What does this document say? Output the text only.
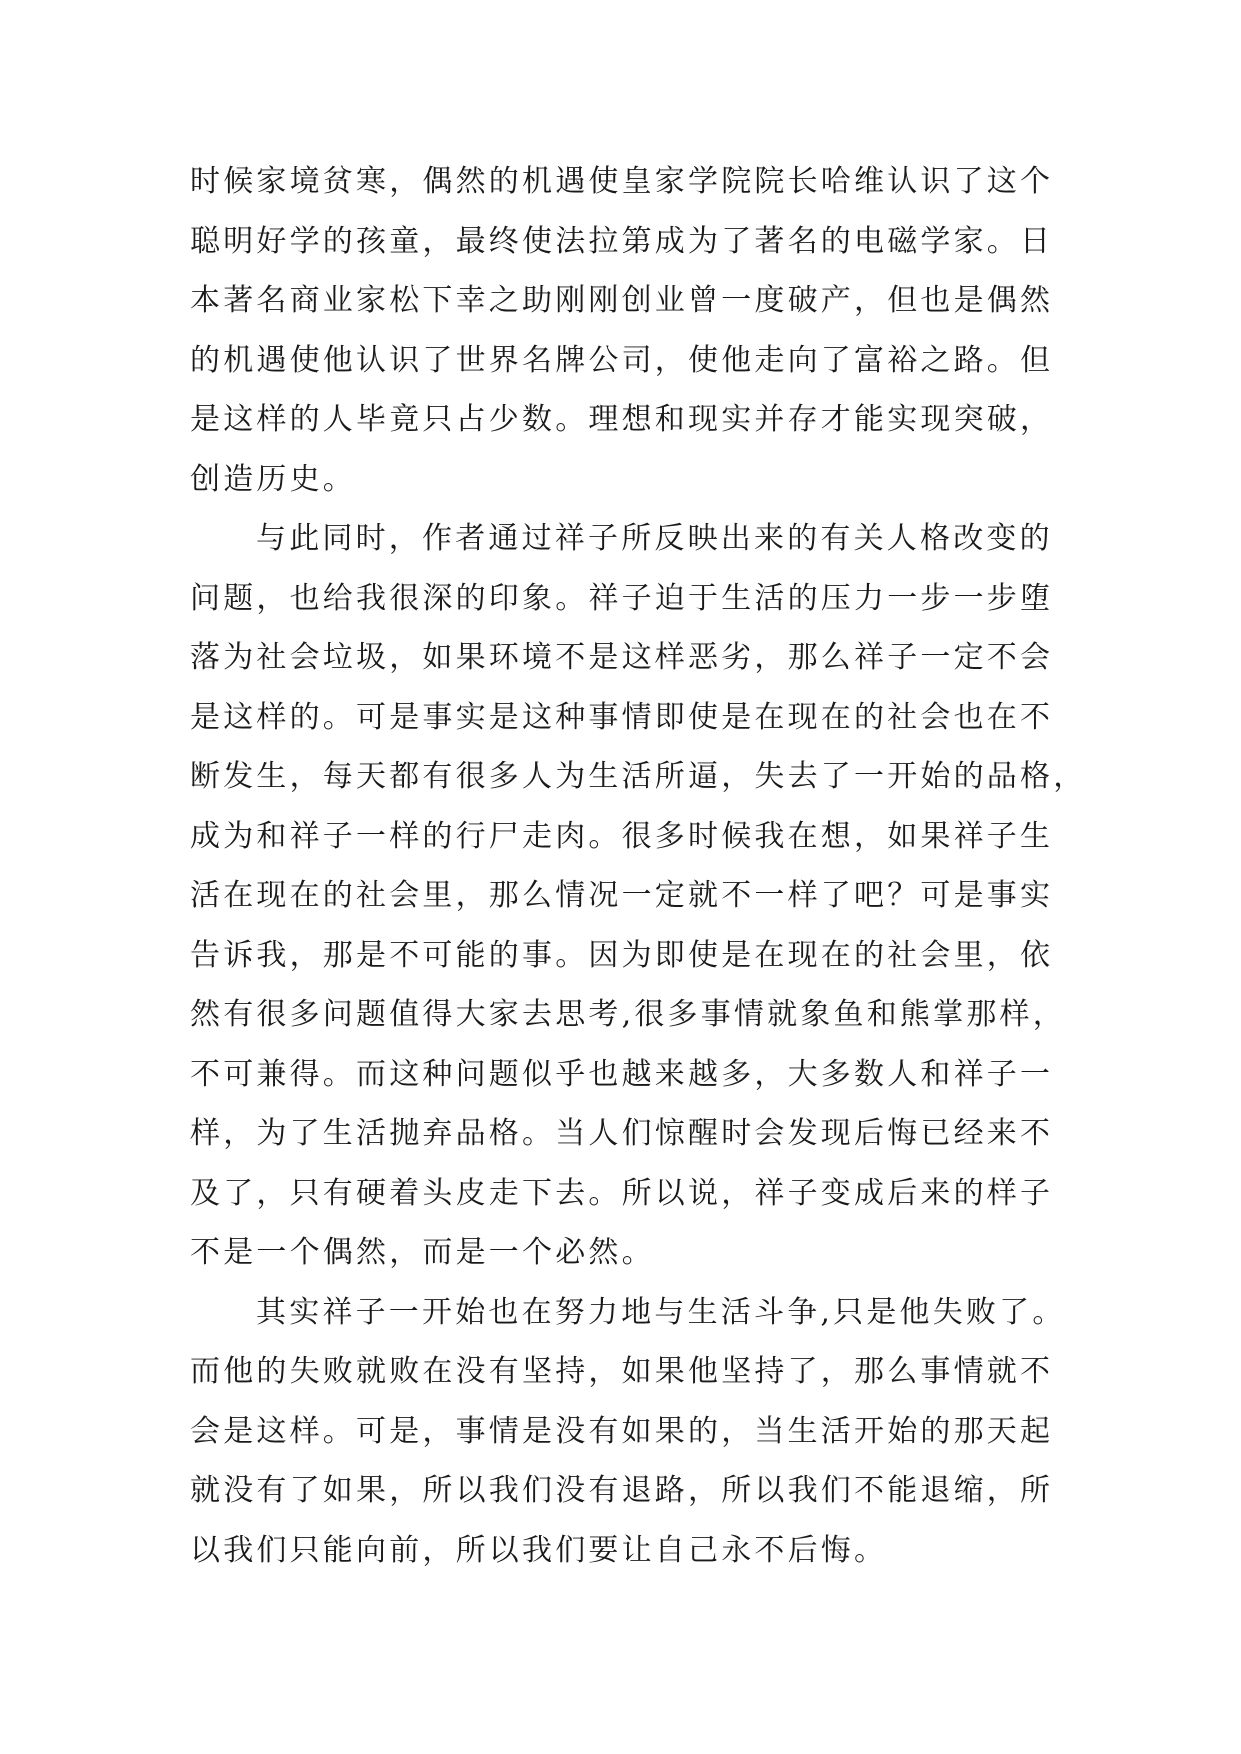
时候家境贫寒，偶然的机遇使皇家学院院长哈维认识了这个
聪明好学的孩童，最终使法拉第成为了著名的电磁学家。日
本著名商业家松下幸之助刚刚创业曾一度破产，但也是偶然
的机遇使他认识了世界名牌公司，使他走向了富裕之路。但
是这样的人毕竟只占少数。理想和现实并存才能实现突破，
创造历史。
与此同时，作者通过祥子所反映出来的有关人格改变的
问题，也给我很深的印象。祥子迫于生活的压力一步一步堕
落为社会垃圾，如果环境不是这样恶劣，那么祥子一定不会
是这样的。可是事实是这种事情即使是在现在的社会也在不
断发生，每天都有很多人为生活所逼，失去了一开始的品格，
成为和祥子一样的行尸走肉。很多时候我在想，如果祥子生
活在现在的社会里，那么情况一定就不一样了吧？可是事实
告诉我，那是不可能的事。因为即使是在现在的社会里，依
然有很多问题值得大家去思考,很多事情就象鱼和熊掌那样，
不可兼得。而这种问题似乎也越来越多，大多数人和祥子一
样，为了生活抛弃品格。当人们惊醒时会发现后悔已经来不
及了，只有硬着头皮走下去。所以说，祥子变成后来的样子
不是一个偶然，而是一个必然。
其实祥子一开始也在努力地与生活斗争,只是他失败了。
而他的失败就败在没有坚持，如果他坚持了，那么事情就不
会是这样。可是，事情是没有如果的，当生活开始的那天起
就没有了如果，所以我们没有退路，所以我们不能退缩，所
以我们只能向前，所以我们要让自己永不后悔。
